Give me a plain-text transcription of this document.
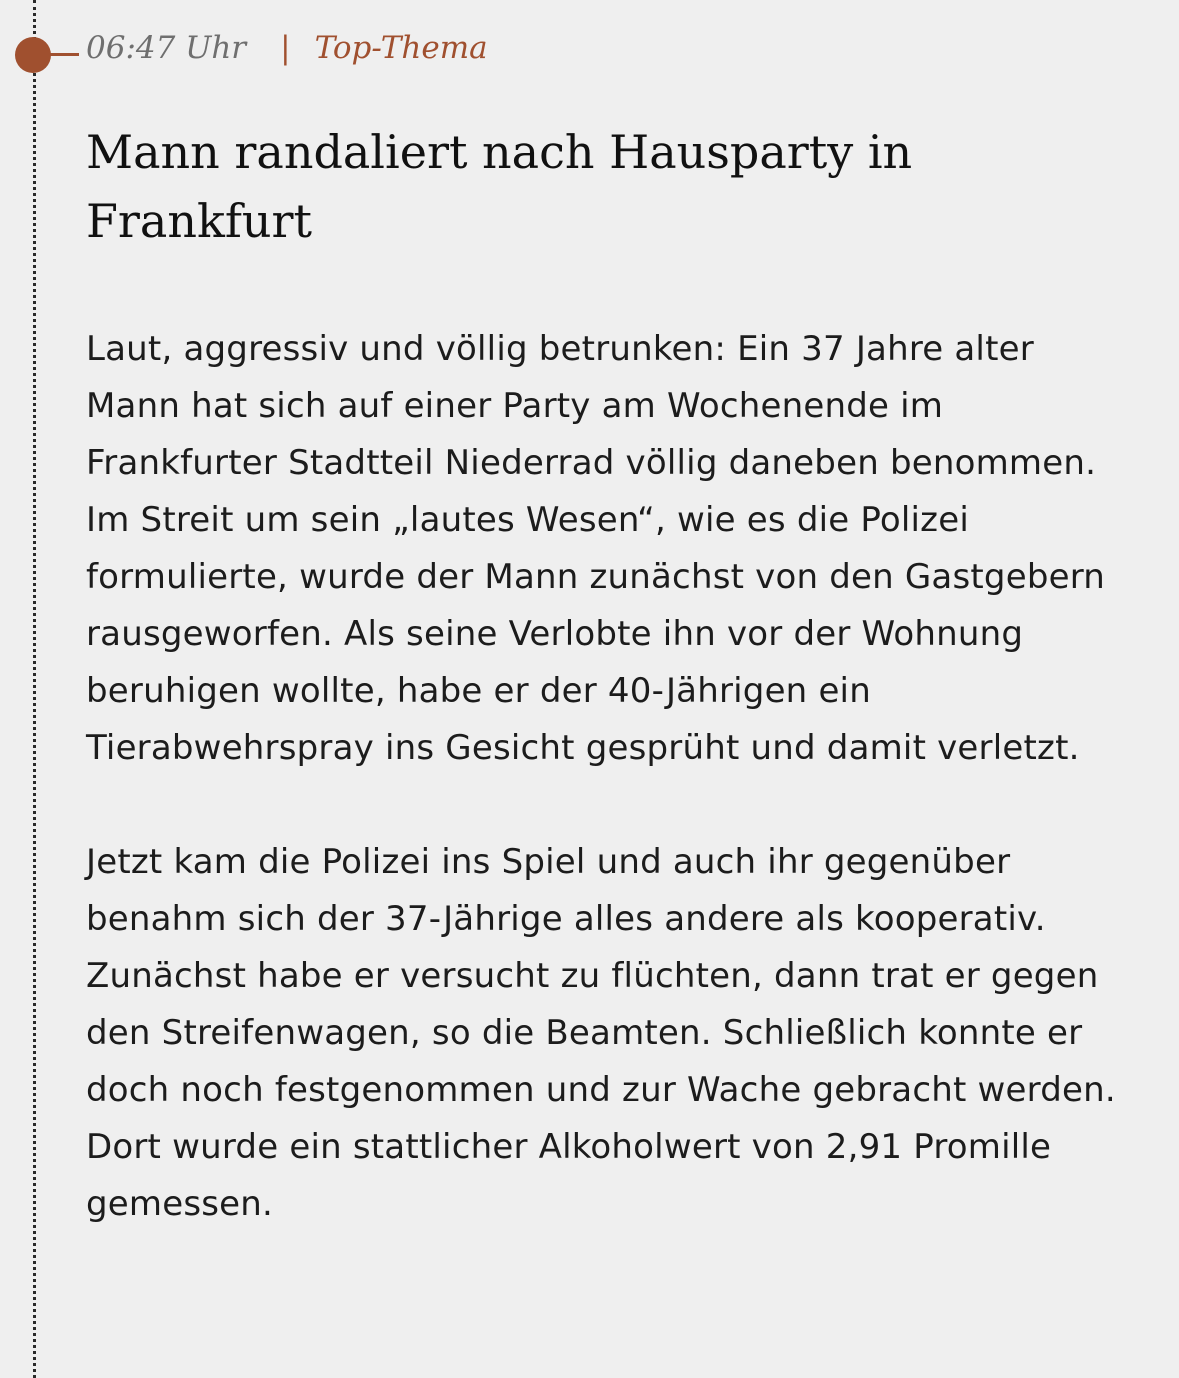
06:47 Uhr | Top-Thema
Mann randaliert nach Hausparty in Frankfurt

Laut, aggressiv und völlig betrunken: Ein 37 Jahre alter Mann hat sich auf einer Party am Wochenende im Frankfurter Stadtteil Niederrad völlig daneben benommen. Im Streit um sein „lautes Wesen“, wie es die Polizei formulierte, wurde der Mann zunächst von den Gastgebern rausgeworfen. Als seine Verlobte ihn vor der Wohnung beruhigen wollte, habe er der 40-Jährigen ein Tierabwehrspray ins Gesicht gesprüht und damit verletzt.

Jetzt kam die Polizei ins Spiel und auch ihr gegenüber benahm sich der 37-Jährige alles andere als kooperativ. Zunächst habe er versucht zu flüchten, dann trat er gegen den Streifenwagen, so die Beamten. Schließlich konnte er doch noch festgenommen und zur Wache gebracht werden. Dort wurde ein stattlicher Alkoholwert von 2,91 Promille gemessen.
